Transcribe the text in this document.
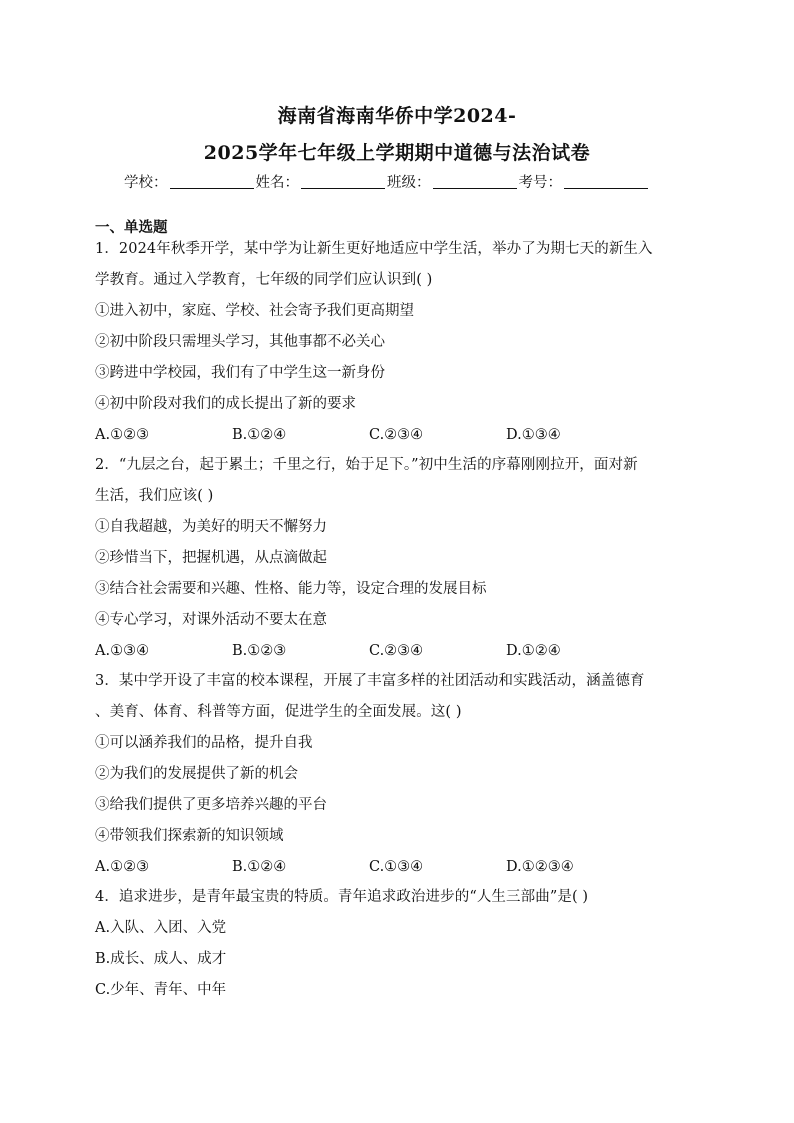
海南省海南华侨中学2024-
2025学年七年级上学期期中道德与法治试卷
学校：	姓名：	班级：	考号：
一、单选题
1．2024年秋季开学，某中学为让新生更好地适应中学生活，举办了为期七天的新生入
学教育。通过入学教育，七年级的同学们应认识到( )
①进入初中，家庭、学校、社会寄予我们更高期望
②初中阶段只需埋头学习，其他事都不必关心
③跨进中学校园，我们有了中学生这一新身份
④初中阶段对我们的成长提出了新的要求
A.①②③	B.①②④	C.②③④	D.①③④
2．“九层之台，起于累土；千里之行，始于足下。”初中生活的序幕刚刚拉开，面对新
生活，我们应该( )
①自我超越，为美好的明天不懈努力
②珍惜当下，把握机遇，从点滴做起
③结合社会需要和兴趣、性格、能力等，设定合理的发展目标
④专心学习，对课外活动不要太在意
A.①③④	B.①②③	C.②③④	D.①②④
3．某中学开设了丰富的校本课程，开展了丰富多样的社团活动和实践活动，涵盖德育
、美育、体育、科普等方面，促进学生的全面发展。这( )
①可以涵养我们的品格，提升自我
②为我们的发展提供了新的机会
③给我们提供了更多培养兴趣的平台
④带领我们探索新的知识领域
A.①②③	B.①②④	C.①③④	D.①②③④
4．追求进步，是青年最宝贵的特质。青年追求政治进步的“人生三部曲”是( )
A.入队、入团、入党
B.成长、成人、成才
C.少年、青年、中年
